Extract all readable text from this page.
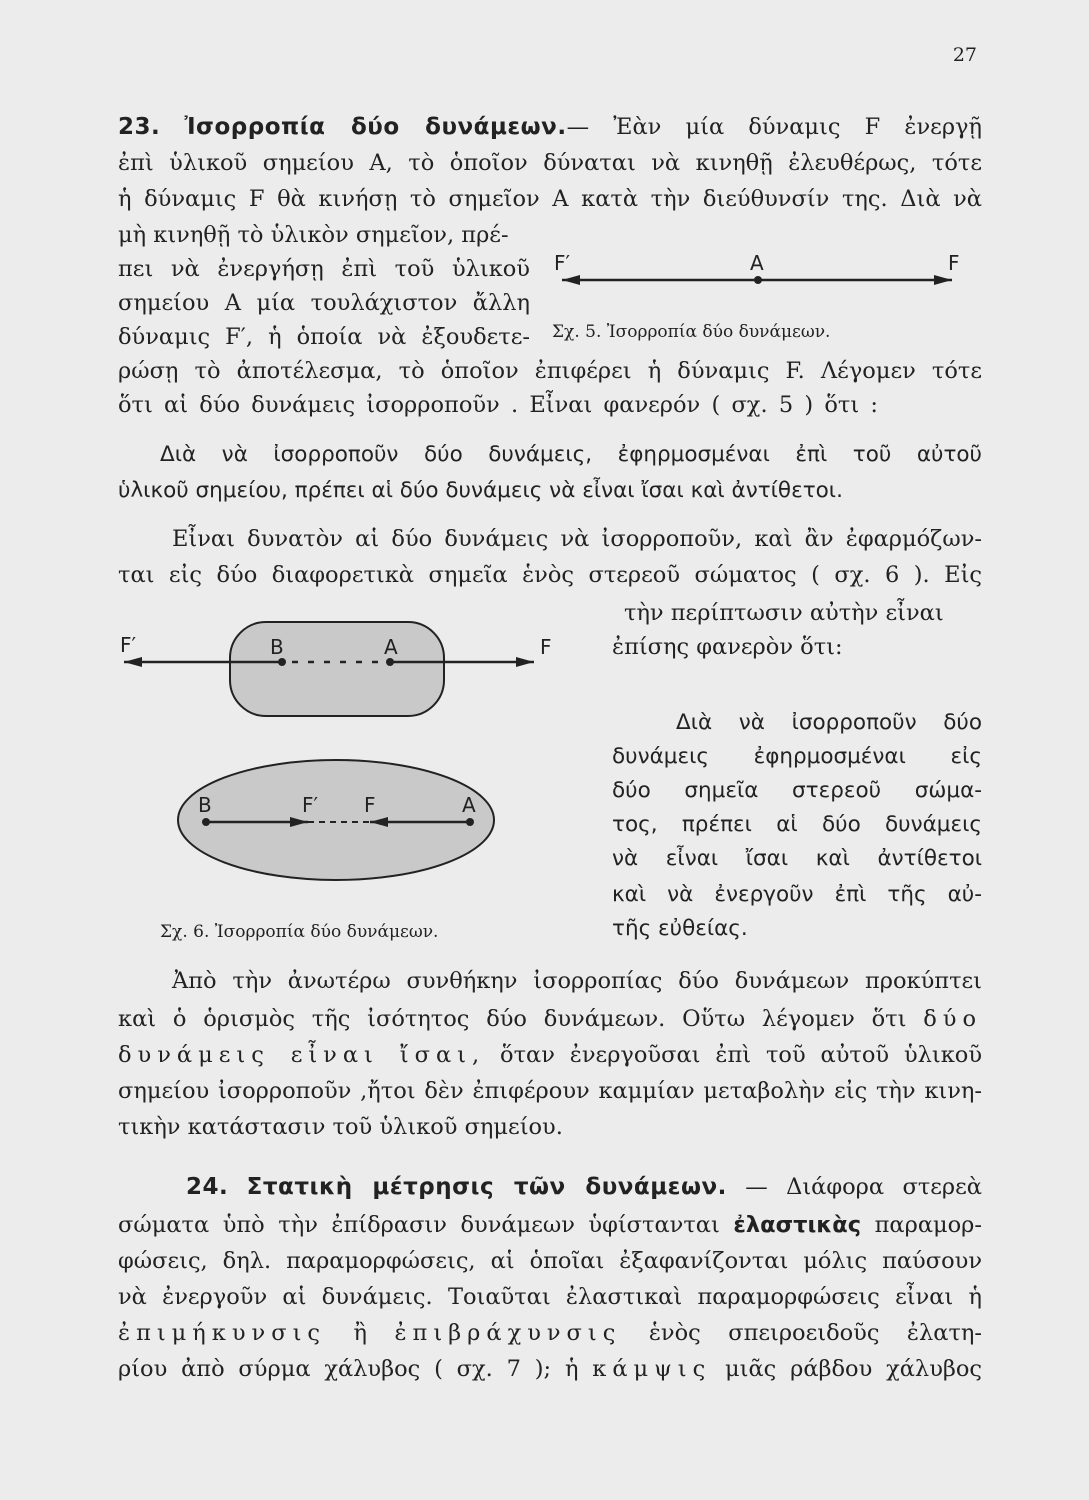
27
23. Ἰσορροπία δύο δυνάμεων.— Ἐὰν μία δύναμις F ἐνεργῇ
ἐπὶ ὑλικοῦ σημείου Α, τὸ ὁποῖον δύναται νὰ κινηθῇ ἐλευθέρως, τότε
ἡ δύναμις F θὰ κινήσῃ τὸ σημεῖον Α κατὰ τὴν διεύθυνσίν της. Διὰ νὰ
μὴ κινηθῇ τὸ ὑλικὸν σημεῖον, πρέ-
πει νὰ ἐνεργήσῃ ἐπὶ τοῦ ὑλικοῦ
σημείου Α μία τουλάχιστον ἄλλη
δύναμις F′, ἡ ὁποία νὰ ἐξουδετε-
F′	A	F
Σχ. 5. Ἰσορροπία δύο δυνάμεων.
ρώσῃ τὸ ἀποτέλεσμα, τὸ ὁποῖον ἐπιφέρει ἡ δύναμις F. Λέγομεν τότε
ὅτι αἱ δύο δυνάμεις ἰσορροποῦν . Εἶναι φανερόν ( σχ. 5 ) ὅτι :
Διὰ νὰ ἰσορροποῦν δύο δυνάμεις, ἐφηρμοσμέναι ἐπὶ τοῦ αὐτοῦ
ὑλικοῦ σημείου, πρέπει αἱ δύο δυνάμεις νὰ εἶναι ἴσαι καὶ ἀντίθετοι.
Εἶναι δυνατὸν αἱ δύο δυνάμεις νὰ ἰσορροποῦν, καὶ ἂν ἐφαρμόζων-
ται εἰς δύο διαφορετικὰ σημεῖα ἑνὸς στερεοῦ σώματος ( σχ. 6 ). Εἰς
τὴν περίπτωσιν αὐτὴν εἶναι
ἐπίσης φανερὸν ὅτι:
F′	B	A	F
B	F′ F	A
Σχ. 6. Ἰσορροπία δύο δυνάμεων.
Διὰ νὰ ἰσορροποῦν δύο
δυνάμεις ἐφηρμοσμέναι εἰς
δύο σημεῖα στερεοῦ σώμα-
τος, πρέπει αἱ δύο δυνάμεις
νὰ εἶναι ἴσαι καὶ ἀντίθετοι
καὶ νὰ ἐνεργοῦν ἐπὶ τῆς αὐ-
τῆς εὐθείας.
Ἀπὸ τὴν ἀνωτέρω συνθήκην ἰσορροπίας δύο δυνάμεων προκύπτει
καὶ ὁ ὁρισμὸς τῆς ἰσότητος δύο δυνάμεων. Οὕτω λέγομεν ὅτι δύο
δυνάμεις εἶναι ἴσαι, ὅταν ἐνεργοῦσαι ἐπὶ τοῦ αὐτοῦ ὑλικοῦ
σημείου ἰσορροποῦν ,ἤτοι δὲν ἐπιφέρουν καμμίαν μεταβολὴν εἰς τὴν κινη-
τικὴν κατάστασιν τοῦ ὑλικοῦ σημείου.
24. Στατικὴ μέτρησις τῶν δυνάμεων. — Διάφορα στερεὰ
σώματα ὑπὸ τὴν ἐπίδρασιν δυνάμεων ὑφίστανται ἐλαστικὰς παραμορ-
φώσεις, δηλ. παραμορφώσεις, αἱ ὁποῖαι ἐξαφανίζονται μόλις παύσουν
νὰ ἐνεργοῦν αἱ δυνάμεις. Τοιαῦται ἐλαστικαὶ παραμορφώσεις εἶναι ἡ
ἐπιμήκυνσις ἢ ἐπιβράχυνσις ἑνὸς σπειροειδοῦς ἐλατη-
ρίου ἀπὸ σύρμα χάλυβος ( σχ. 7 ); ἡ κάμψις μιᾶς ράβδου χάλυβος
